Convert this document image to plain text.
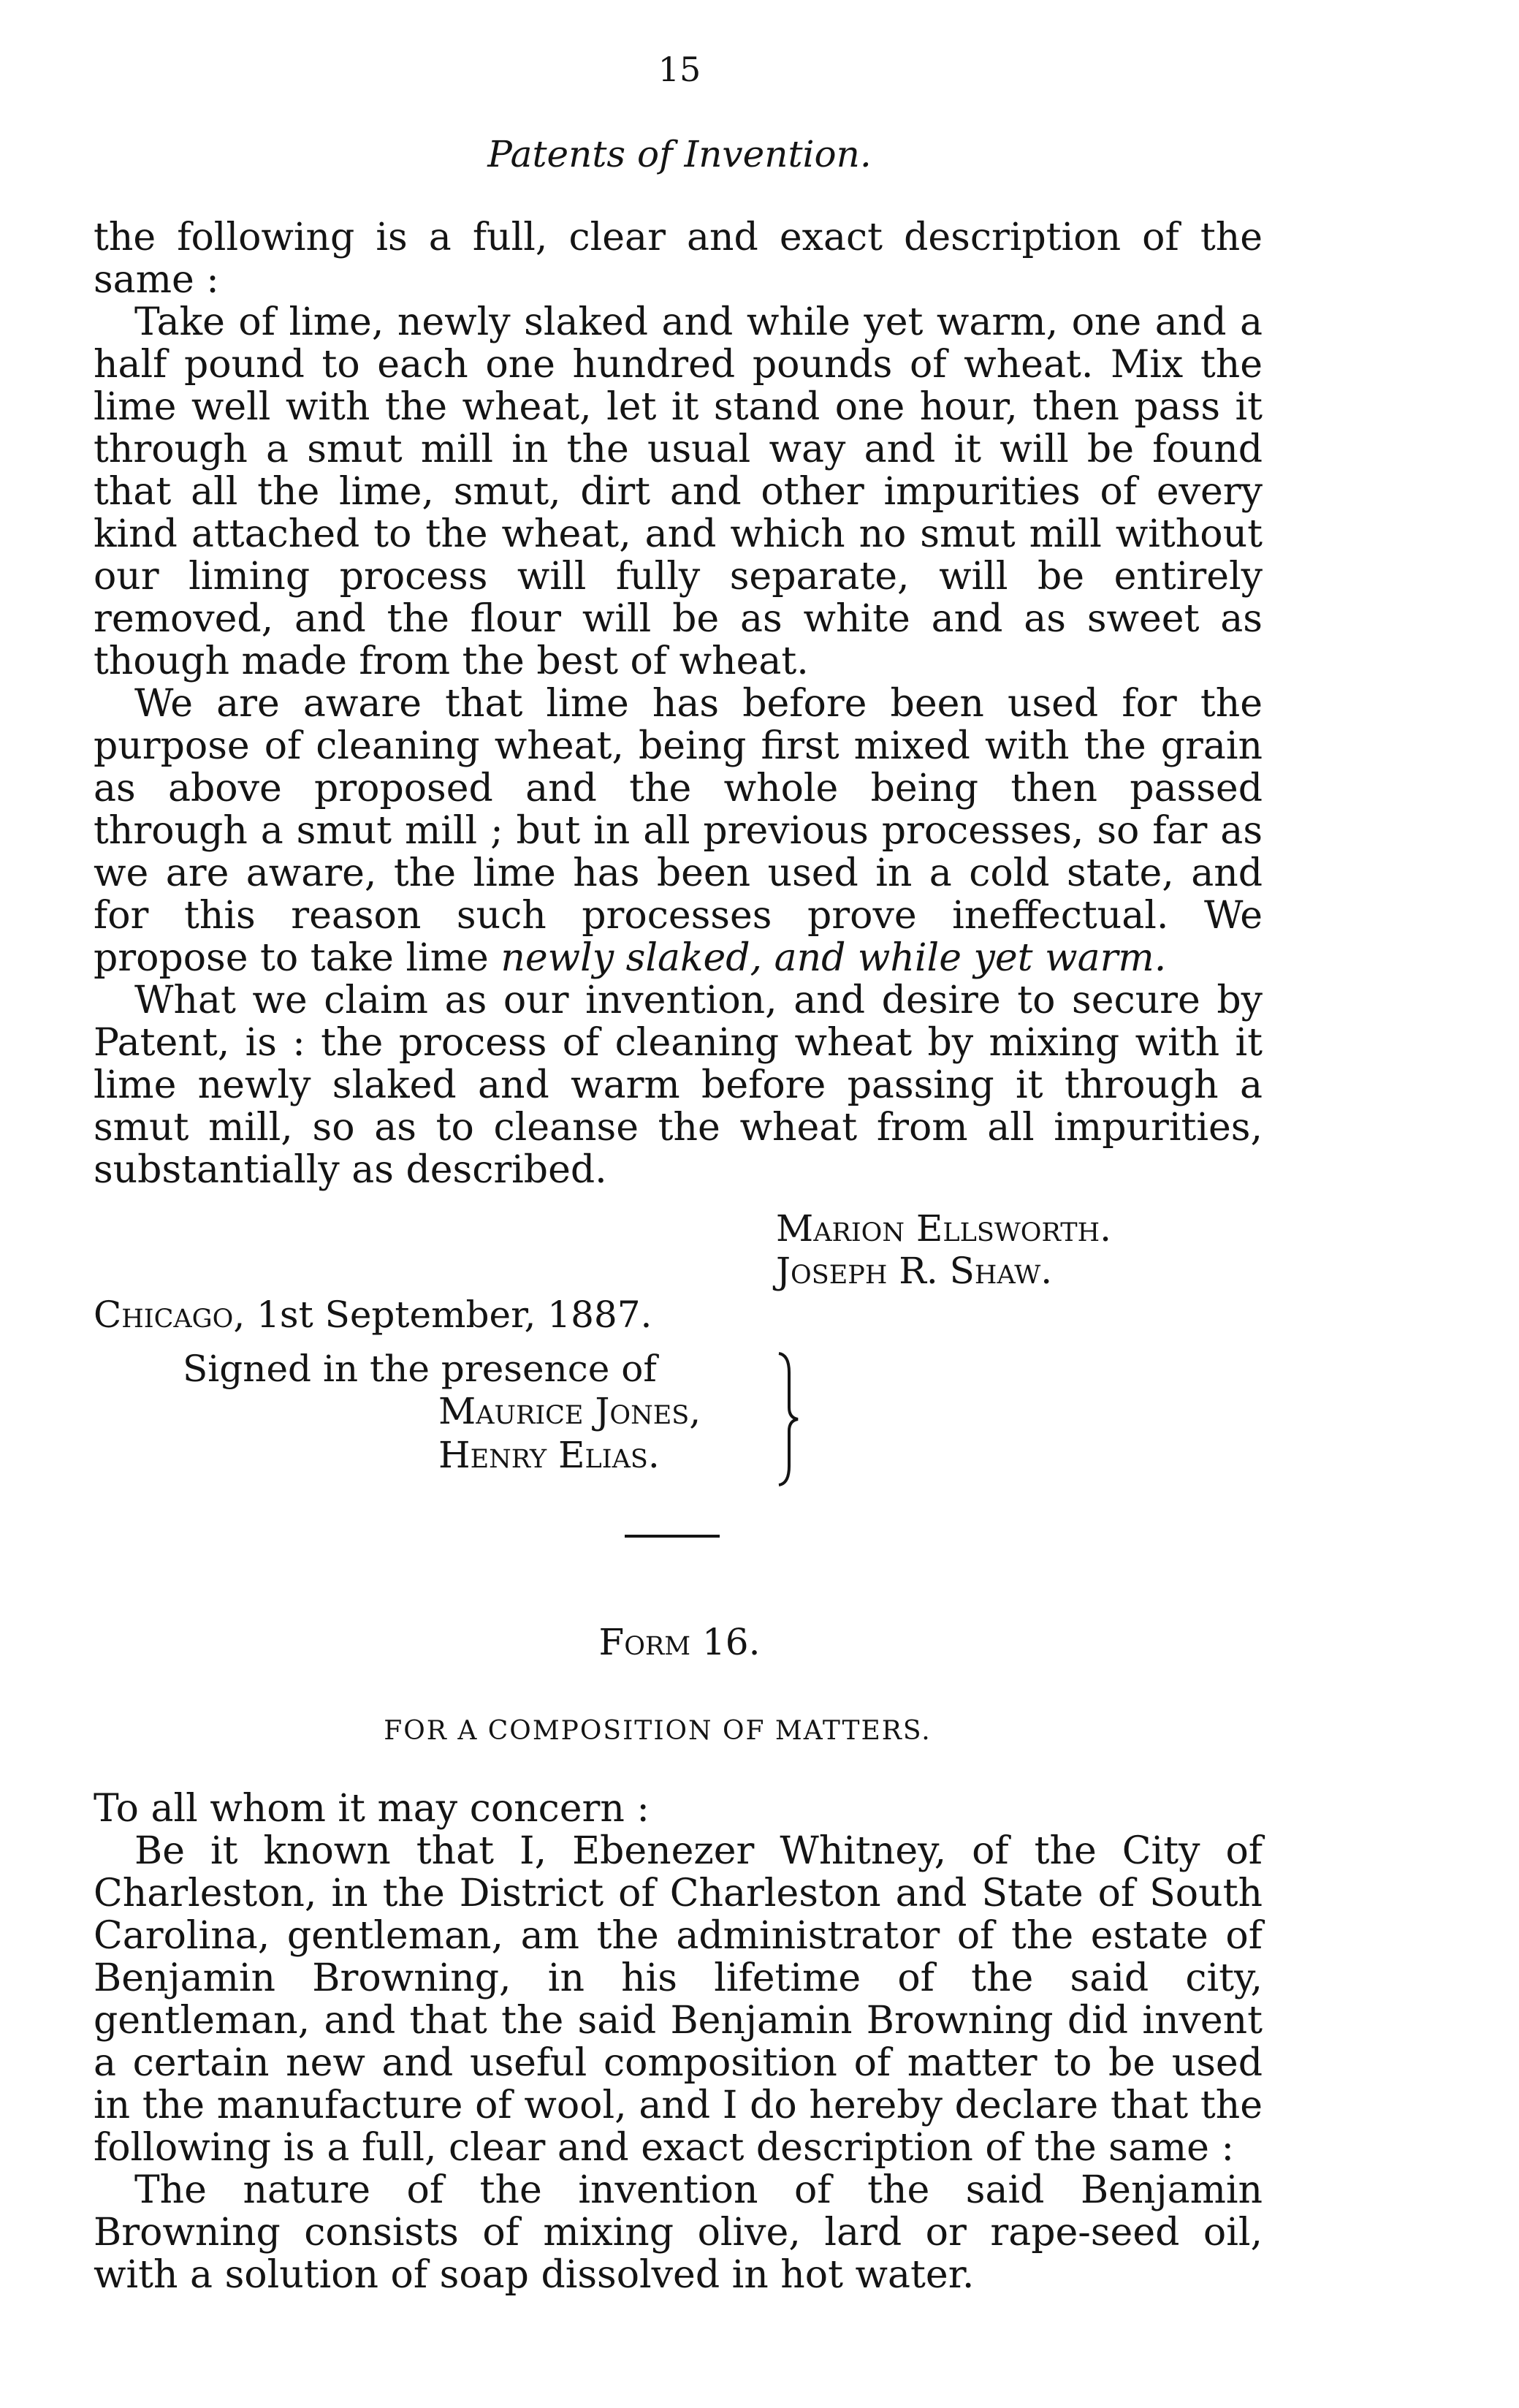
15
Patents of Invention.

the following is a full, clear and exact description of the same :

Take of lime, newly slaked and while yet warm, one and a half pound to each one hundred pounds of wheat. Mix the lime well with the wheat, let it stand one hour, then pass it through a smut mill in the usual way and it will be found that all the lime, smut, dirt and other impurities of every kind attached to the wheat, and which no smut mill without our liming process will fully separate, will be entirely removed, and the flour will be as white and as sweet as though made from the best of wheat.

We are aware that lime has before been used for the purpose of cleaning wheat, being first mixed with the grain as above proposed and the whole being then passed through a smut mill ; but in all previous processes, so far as we are aware, the lime has been used in a cold state, and for this reason such processes prove ineffectual. We propose to take lime newly slaked, and while yet warm.

What we claim as our invention, and desire to secure by Patent, is : the process of cleaning wheat by mixing with it lime newly slaked and warm before passing it through a smut mill, so as to cleanse the wheat from all impurities, substantially as described.

Marion Ellsworth.
Joseph R. Shaw.
Chicago, 1st September, 1887.
Signed in the presence of
Maurice Jones,
Henry Elias.
Form 16.
FOR A COMPOSITION OF MATTERS.

To all whom it may concern :

Be it known that I, Ebenezer Whitney, of the City of Charleston, in the District of Charleston and State of South Carolina, gentleman, am the administrator of the estate of Benjamin Browning, in his lifetime of the said city, gentleman, and that the said Benjamin Browning did invent a certain new and useful composition of matter to be used in the manufacture of wool, and I do hereby declare that the following is a full, clear and exact description of the same :

The nature of the invention of the said Benjamin Browning consists of mixing olive, lard or rape-seed oil, with a solution of soap dissolved in hot water.
